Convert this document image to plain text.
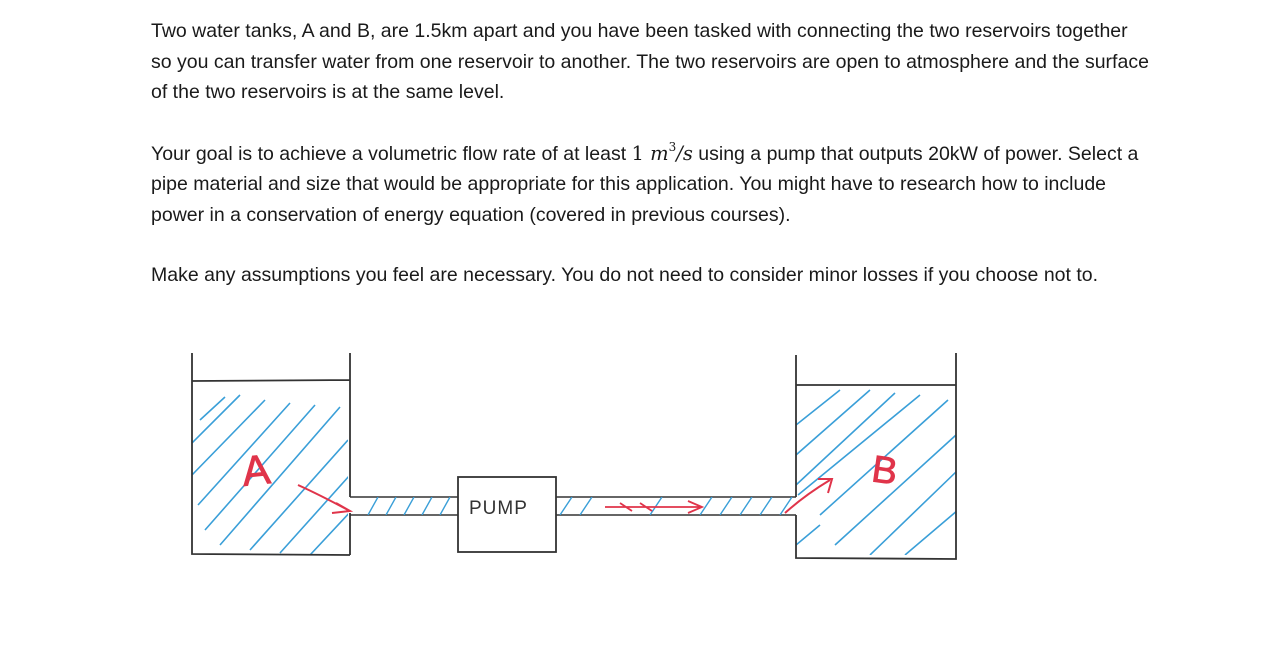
Two water tanks, A and B, are 1.5km apart and you have been tasked with connecting the two reservoirs together so you can transfer water from one reservoir to another. The two reservoirs are open to atmosphere and the surface of the two reservoirs is at the same level.

Your goal is to achieve a volumetric flow rate of at least 1 $m^3/s$ using a pump that outputs 20kW of power. Select a pipe material and size that would be appropriate for this application. You might have to research how to include power in a conservation of energy equation (covered in previous courses).

Make any assumptions you feel are necessary. You do not need to consider minor losses if you choose not to.

A
PUMP
B
